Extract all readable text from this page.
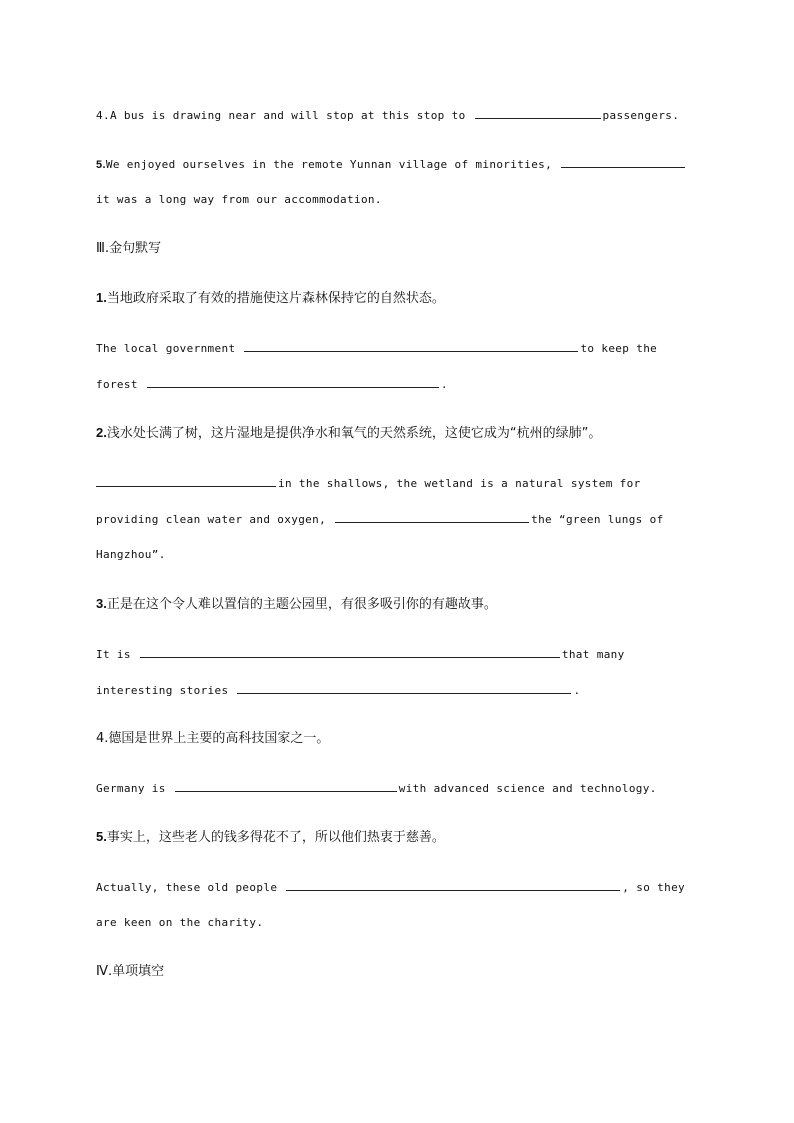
4.A bus is drawing near and will stop at this stop to	passengers.
5.We enjoyed ourselves in the remote Yunnan village of minorities,
it was a long way from our accommodation.
Ⅲ.金句默写
1.当地政府采取了有效的措施使这片森林保持它的自然状态。
The local government	to keep the
forest	.
2.浅水处长满了树，这片湿地是提供净水和氧气的天然系统，这使它成为“杭州的绿肺”。
in the shallows, the wetland is a natural system for
providing clean water and oxygen,	the “green lungs of
Hangzhou”.
3.正是在这个令人难以置信的主题公园里，有很多吸引你的有趣故事。
It is	that many
interesting stories	.
4.德国是世界上主要的高科技国家之一。
Germany is	with advanced science and technology.
5.事实上，这些老人的钱多得花不了，所以他们热衷于慈善。
Actually, these old people	, so they
are keen on the charity.
Ⅳ.单项填空
